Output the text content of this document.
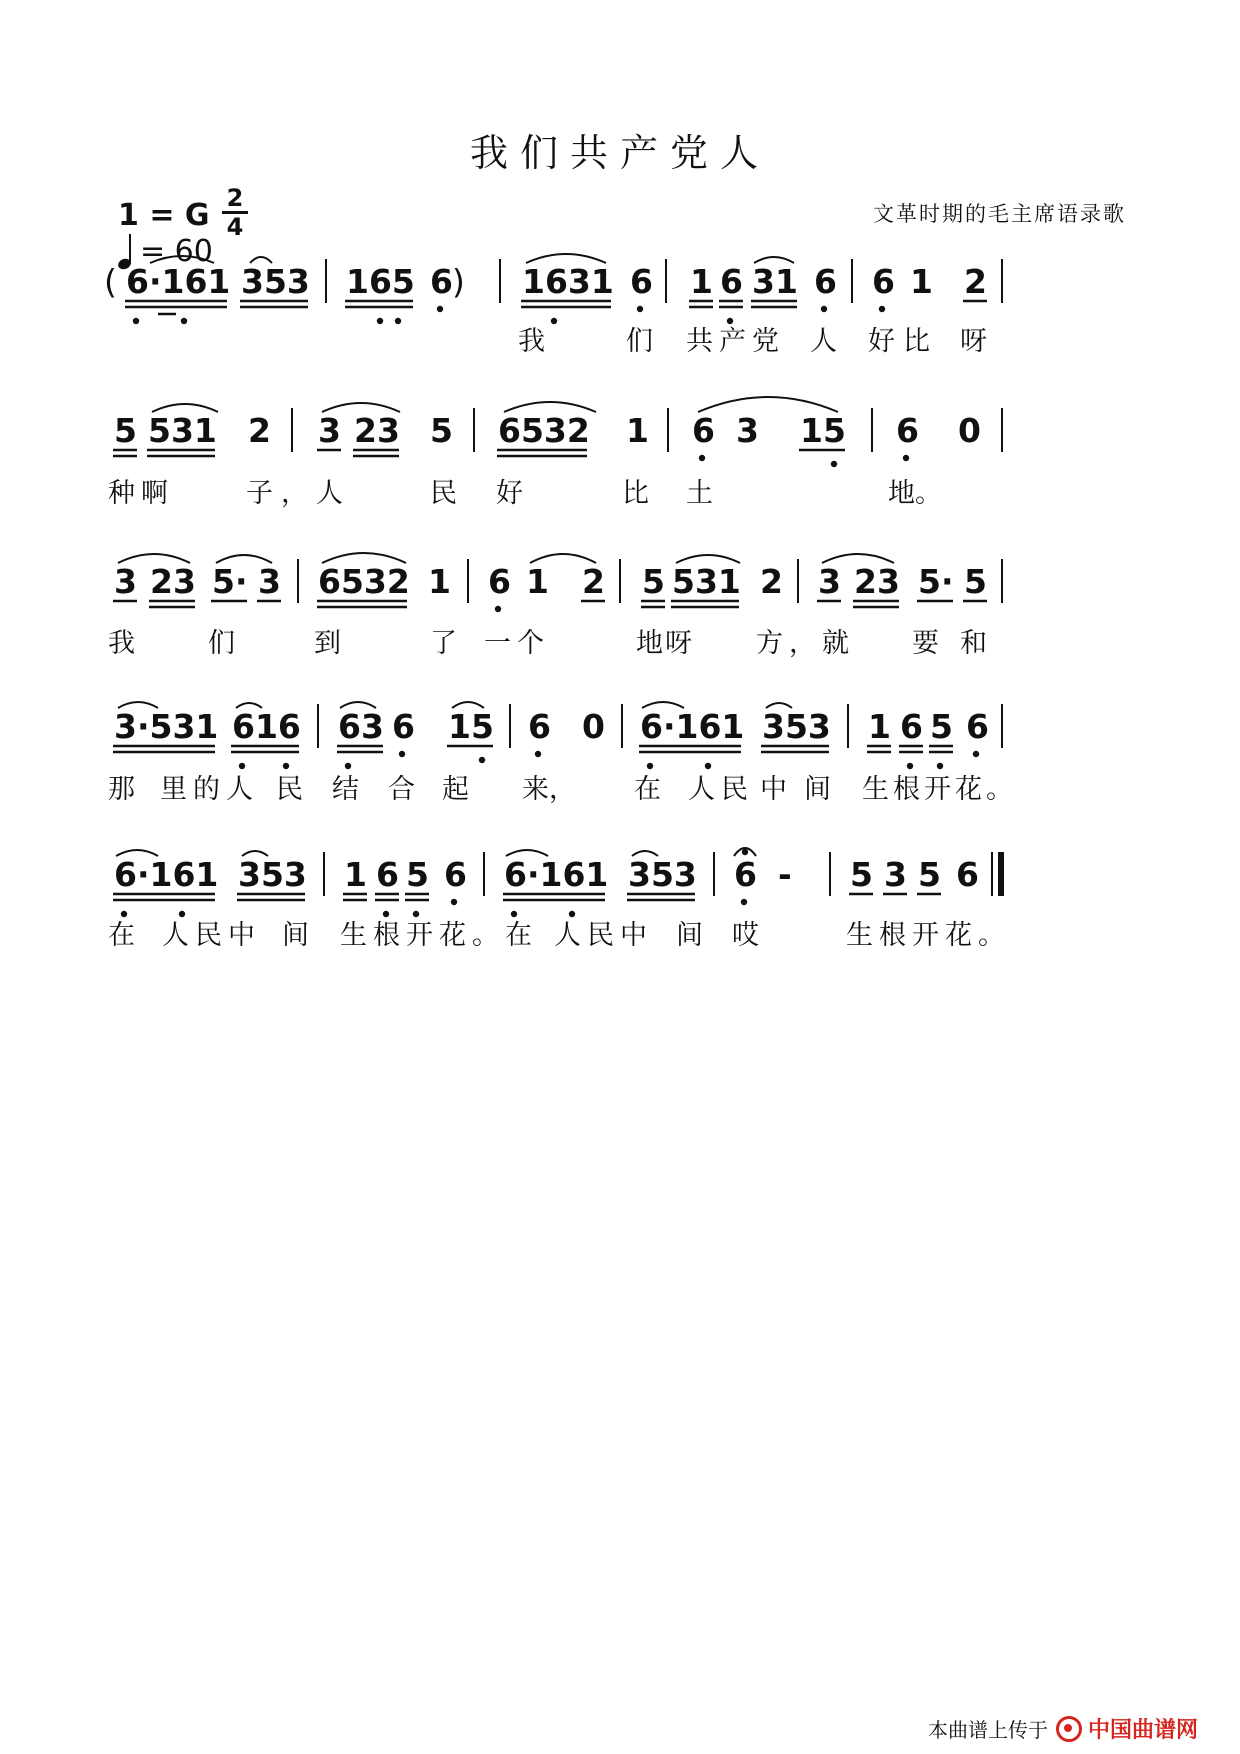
我们共产党人
文革时期的毛主席语录歌
1 = G $\frac{2}{4}$
= 60
( 6·161 353 165 6 ) 1631 6 1 6 31 6 6 1 2
5 531 2 3 23 5 6532 1 6 3 15 6 0
3 23 5· 3 6532 1 6 1 2 5 531 2 3 23 5· 5
3·531 616 63 6 15 6 0 6·161 353 1 6 5 6
6·161 353 1 6 5 6 6·161 353 6 - 5 3 5 6
我	们 共产党 人 好比 呀
种啊	子，人	民 好	比 土	地。
我	们	到	了 一个	地呀 方，就 要 和
那 里的人 民 结 合 起 来， 在 人民 中 间 生根开花。
在 人民中 间 生根开花。在 人民中 间 哎	生根开花。
本曲谱上传于 中国曲谱网
